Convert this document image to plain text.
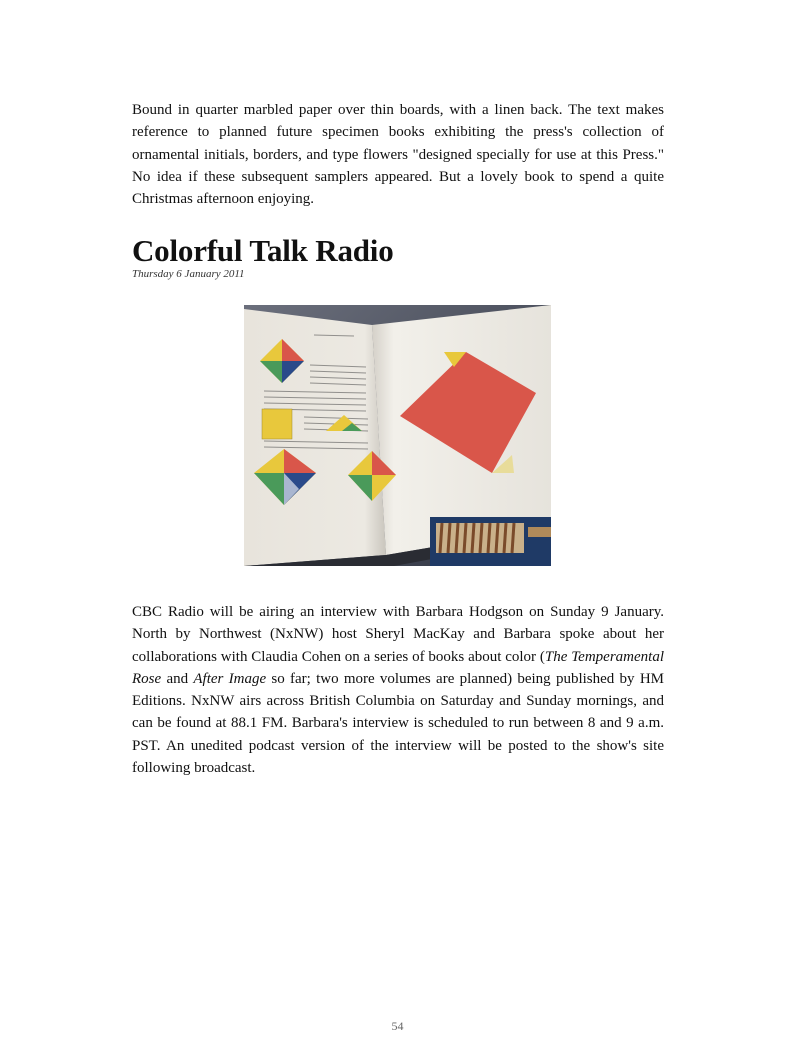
Bound in quarter marbled paper over thin boards, with a linen back. The text makes reference to planned future specimen books exhibiting the press's collection of ornamental initials, borders, and type flowers "designed specially for use at this Press." No idea if these subsequent samplers appeared. But a lovely book to spend a quite Christmas afternoon enjoying.

Colorful Talk Radio
Thursday 6 January 2011

CBC Radio will be airing an interview with Barbara Hodgson on Sunday 9 January. North by Northwest (NxNW) host Sheryl MacKay and Barbara spoke about her collaborations with Claudia Cohen on a series of books about color (The Temperamental Rose and After Image so far; two more volumes are planned) being published by HM Editions. NxNW airs across British Columbia on Saturday and Sunday mornings, and can be found at 88.1 FM. Barbara's interview is scheduled to run between 8 and 9 a.m. PST. An unedited podcast version of the interview will be posted to the show's site following broadcast.

54
